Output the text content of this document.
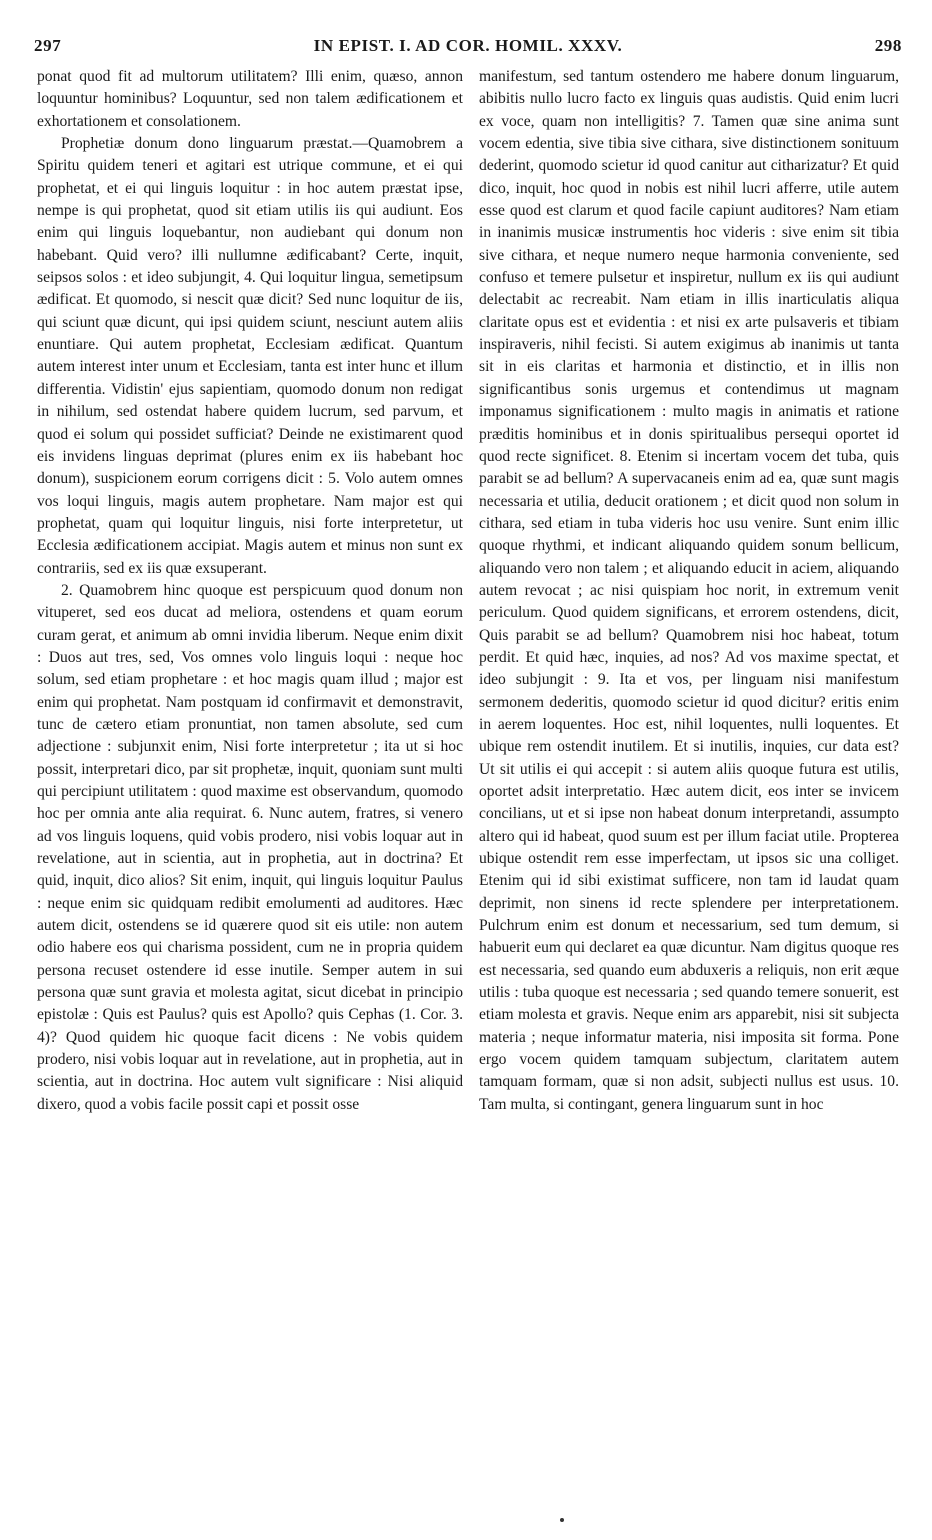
297	IN EPIST. I. AD COR. HOMIL. XXXV.	298

ponat quod fit ad multorum utilitatem? Illi enim, quæso, annon loquuntur hominibus? Loquuntur, sed non talem ædificationem et exhortationem et consolationem.

Prophetiæ donum dono linguarum præstat.—Quamobrem a Spiritu quidem teneri et agitari est utrique commune, et ei qui prophetat, et ei qui linguis loquitur : in hoc autem præstat ipse, nempe is qui prophetat, quod sit etiam utilis iis qui audiunt. Eos enim qui linguis loquebantur, non audiebant qui donum non habebant. Quid vero? illi nullumne ædificabant? Certe, inquit, seipsos solos : et ideo subjungit, 4. Qui loquitur lingua, semetipsum ædificat. Et quomodo, si nescit quæ dicit? Sed nunc loquitur de iis, qui sciunt quæ dicunt, qui ipsi quidem sciunt, nesciunt autem aliis enuntiare. Qui autem prophetat, Ecclesiam ædificat. Quantum autem interest inter unum et Ecclesiam, tanta est inter hunc et illum differentia. Vidistin' ejus sapientiam, quomodo donum non redigat in nihilum, sed ostendat habere quidem lucrum, sed parvum, et quod ei solum qui possidet sufficiat? Deinde ne existimarent quod eis invidens linguas deprimat (plures enim ex iis habebant hoc donum), suspicionem eorum corrigens dicit : 5. Volo autem omnes vos loqui linguis, magis autem prophetare. Nam major est qui prophetat, quam qui loquitur linguis, nisi forte interpretetur, ut Ecclesia ædificationem accipiat. Magis autem et minus non sunt ex contrariis, sed ex iis quæ exsuperant.

2. Quamobrem hinc quoque est perspicuum quod donum non vituperet, sed eos ducat ad meliora, ostendens et quam eorum curam gerat, et animum ab omni invidia liberum. Neque enim dixit : Duos aut tres, sed, Vos omnes volo linguis loqui : neque hoc solum, sed etiam prophetare : et hoc magis quam illud ; major est enim qui prophetat. Nam postquam id confirmavit et demonstravit, tunc de cætero etiam pronuntiat, non tamen absolute, sed cum adjectione : subjunxit enim, Nisi forte interpretetur ; ita ut si hoc possit, interpretari dico, par sit prophetæ, inquit, quoniam sunt multi qui percipiunt utilitatem : quod maxime est observandum, quomodo hoc per omnia ante alia requirat. 6. Nunc autem, fratres, si venero ad vos linguis loquens, quid vobis prodero, nisi vobis loquar aut in revelatione, aut in scientia, aut in prophetia, aut in doctrina? Et quid, inquit, dico alios? Sit enim, inquit, qui linguis loquitur Paulus : neque enim sic quidquam redibit emolumenti ad auditores. Hæc autem dicit, ostendens se id quærere quod sit eis utile: non autem odio habere eos qui charisma possident, cum ne in propria quidem persona recuset ostendere id esse inutile. Semper autem in sui persona quæ sunt gravia et molesta agitat, sicut dicebat in principio epistolæ : Quis est Paulus? quis est Apollo? quis Cephas (1. Cor. 3. 4)? Quod quidem hic quoque facit dicens : Ne vobis quidem prodero, nisi vobis loquar aut in revelatione, aut in prophetia, aut in scientia, aut in doctrina. Hoc autem vult significare : Nisi aliquid dixero, quod a vobis facile possit capi et possit osse

manifestum, sed tantum ostendero me habere donum linguarum, abibitis nullo lucro facto ex linguis quas audistis. Quid enim lucri ex voce, quam non intelligitis? 7. Tamen quæ sine anima sunt vocem edentia, sive tibia sive cithara, sive distinctionem sonituum dederint, quomodo scietur id quod canitur aut citharizatur? Et quid dico, inquit, hoc quod in nobis est nihil lucri afferre, utile autem esse quod est clarum et quod facile capiunt auditores? Nam etiam in inanimis musicæ instrumentis hoc videris : sive enim sit tibia sive cithara, et neque numero neque harmonia conveniente, sed confuso et temere pulsetur et inspiretur, nullum ex iis qui audiunt delectabit ac recreabit. Nam etiam in illis inarticulatis aliqua claritate opus est et evidentia : et nisi ex arte pulsaveris et tibiam inspiraveris, nihil fecisti. Si autem exigimus ab inanimis ut tanta sit in eis claritas et harmonia et distinctio, et in illis non significantibus sonis urgemus et contendimus ut magnam imponamus significationem : multo magis in animatis et ratione præditis hominibus et in donis spiritualibus persequi oportet id quod recte significet. 8. Etenim si incertam vocem det tuba, quis parabit se ad bellum? A supervacaneis enim ad ea, quæ sunt magis necessaria et utilia, deducit orationem ; et dicit quod non solum in cithara, sed etiam in tuba videris hoc usu venire. Sunt enim illic quoque rhythmi, et indicant aliquando quidem sonum bellicum, aliquando vero non talem ; et aliquando educit in aciem, aliquando autem revocat ; ac nisi quispiam hoc norit, in extremum venit periculum. Quod quidem significans, et errorem ostendens, dicit, Quis parabit se ad bellum? Quamobrem nisi hoc habeat, totum perdit. Et quid hæc, inquies, ad nos? Ad vos maxime spectat, et ideo subjungit : 9. Ita et vos, per linguam nisi manifestum sermonem dederitis, quomodo scietur id quod dicitur? eritis enim in aerem loquentes. Hoc est, nihil loquentes, nulli loquentes. Et ubique rem ostendit inutilem. Et si inutilis, inquies, cur data est? Ut sit utilis ei qui accepit : si autem aliis quoque futura est utilis, oportet adsit interpretatio. Hæc autem dicit, eos inter se invicem concilians, ut et si ipse non habeat donum interpretandi, assumpto altero qui id habeat, quod suum est per illum faciat utile. Propterea ubique ostendit rem esse imperfectam, ut ipsos sic una colliget. Etenim qui id sibi existimat sufficere, non tam id laudat quam deprimit, non sinens id recte splendere per interpretationem. Pulchrum enim est donum et necessarium, sed tum demum, si habuerit eum qui declaret ea quæ dicuntur. Nam digitus quoque res est necessaria, sed quando eum abduxeris a reliquis, non erit æque utilis : tuba quoque est necessaria ; sed quando temere sonuerit, est etiam molesta et gravis. Neque enim ars apparebit, nisi sit subjecta materia ; neque informatur materia, nisi imposita sit forma. Pone ergo vocem quidem tamquam subjectum, claritatem autem tamquam formam, quæ si non adsit, subjecti nullus est usus. 10. Tam multa, si contingant, genera linguarum sunt in hoc
